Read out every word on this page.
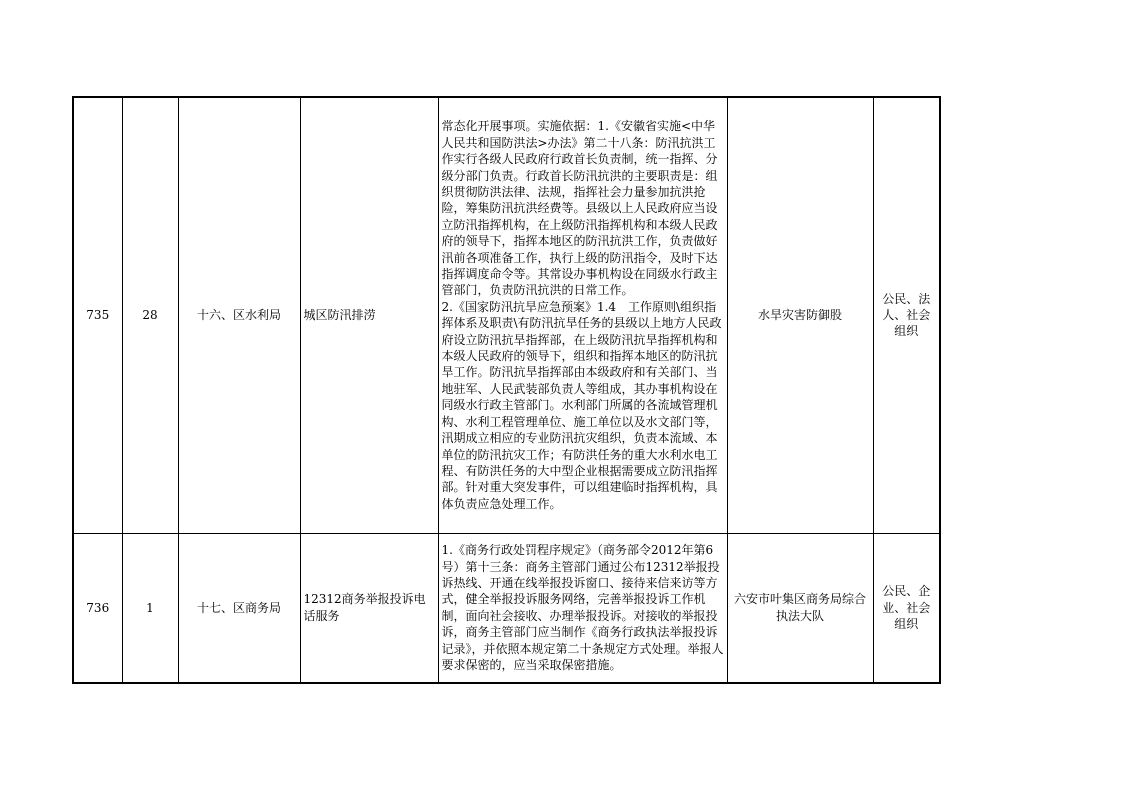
735	28	十六、区水利局	城区防汛排涝	常态化开展事项。实施依据：1.《安徽省实施<中华人民共和国防洪法>办法》第二十八条：防汛抗洪工作实行各级人民政府行政首长负责制，统一指挥、分级分部门负责。行政首长防汛抗洪的主要职责是：组织贯彻防洪法律、法规，指挥社会力量参加抗洪抢险，筹集防汛抗洪经费等。县级以上人民政府应当设立防汛指挥机构，在上级防汛指挥机构和本级人民政府的领导下，指挥本地区的防汛抗洪工作，负责做好汛前各项准备工作，执行上级的防汛指令，及时下达指挥调度命令等。其常设办事机构设在同级水行政主管部门，负责防汛抗洪的日常工作。
2.《国家防汛抗旱应急预案》1.4　工作原则\组织指挥体系及职责\有防汛抗旱任务的县级以上地方人民政府设立防汛抗旱指挥部，在上级防汛抗旱指挥机构和本级人民政府的领导下，组织和指挥本地区的防汛抗旱工作。防汛抗旱指挥部由本级政府和有关部门、当地驻军、人民武装部负责人等组成，其办事机构设在同级水行政主管部门。水利部门所属的各流域管理机构、水利工程管理单位、施工单位以及水文部门等，汛期成立相应的专业防汛抗灾组织，负责本流域、本单位的防汛抗灾工作；有防洪任务的重大水利水电工程、有防洪任务的大中型企业根据需要成立防汛指挥部。针对重大突发事件，可以组建临时指挥机构，具体负责应急处理工作。	水旱灾害防御股	公民、法人、社会组织
736	1	十七、区商务局	12312商务举报投诉电话服务	1.《商务行政处罚程序规定》（商务部令2012年第6号）第十三条：商务主管部门通过公布12312举报投诉热线、开通在线举报投诉窗口、接待来信来访等方式，健全举报投诉服务网络，完善举报投诉工作机制，面向社会接收、办理举报投诉。对接收的举报投诉，商务主管部门应当制作《商务行政执法举报投诉记录》，并依照本规定第二十条规定方式处理。举报人要求保密的，应当采取保密措施。	六安市叶集区商务局综合执法大队	公民、企业、社会组织
